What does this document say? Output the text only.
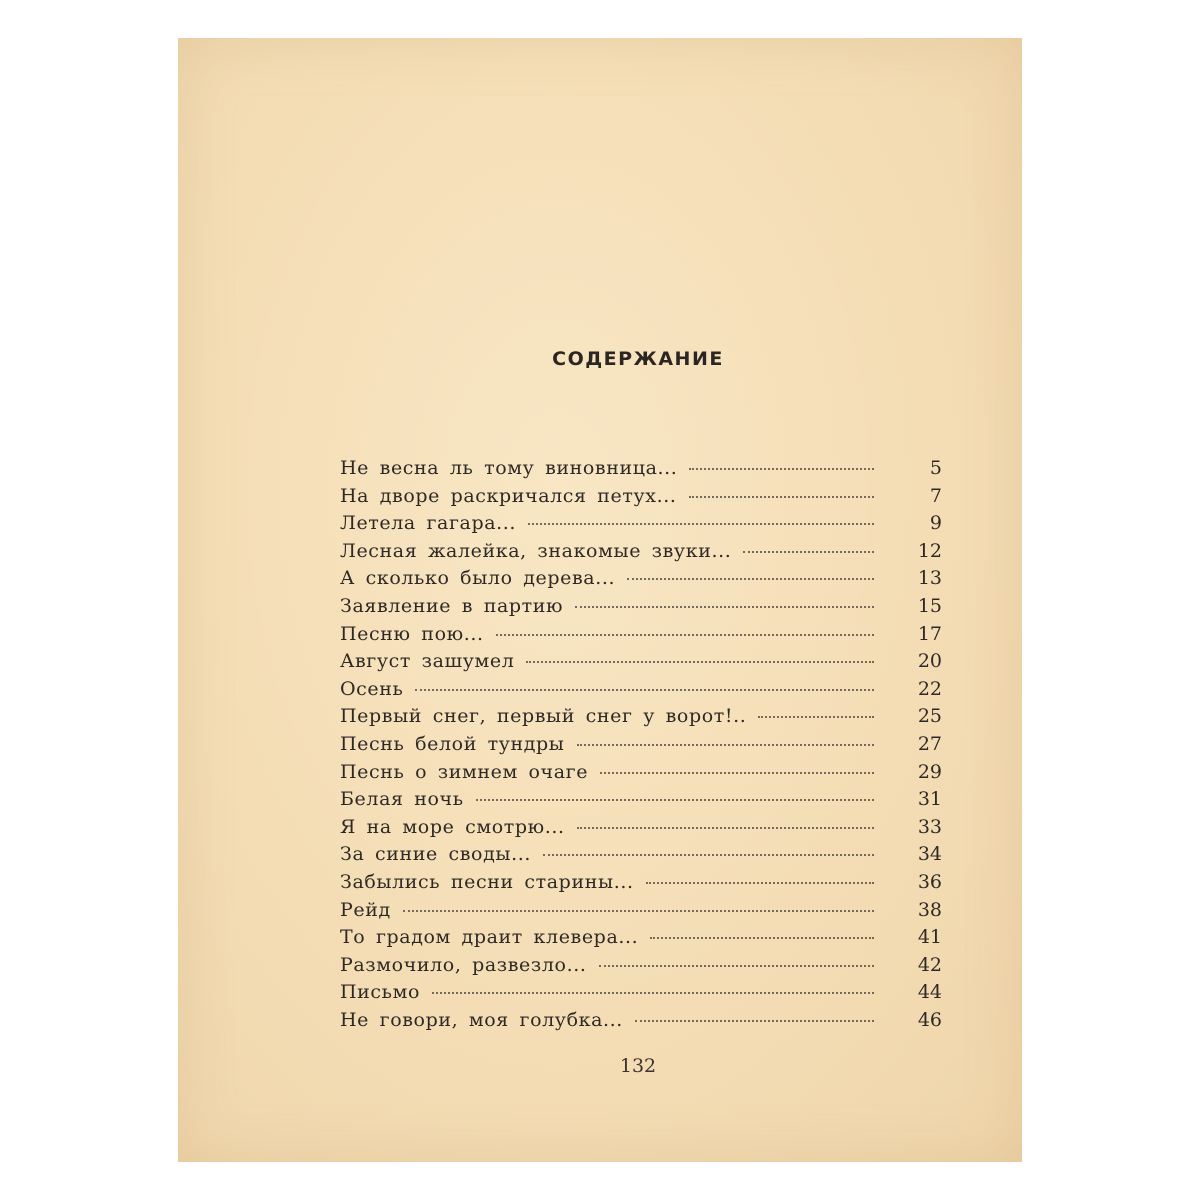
СОДЕРЖАНИЕ
Не весна ль тому виновница...	5
На дворе раскричался петух...	7
Летела гагара...	9
Лесная жалейка, знакомые звуки...	12
А сколько было дерева...	13
Заявление в партию	15
Песню пою...	17
Август зашумел	20
Осень	22
Первый снег, первый снег у ворот!..	25
Песнь белой тундры	27
Песнь о зимнем очаге	29
Белая ночь	31
Я на море смотрю...	33
За синие своды...	34
Забылись песни старины...	36
Рейд	38
То градом драит клевера...	41
Размочило, развезло...	42
Письмо	44
Не говори, моя голубка...	46
132
